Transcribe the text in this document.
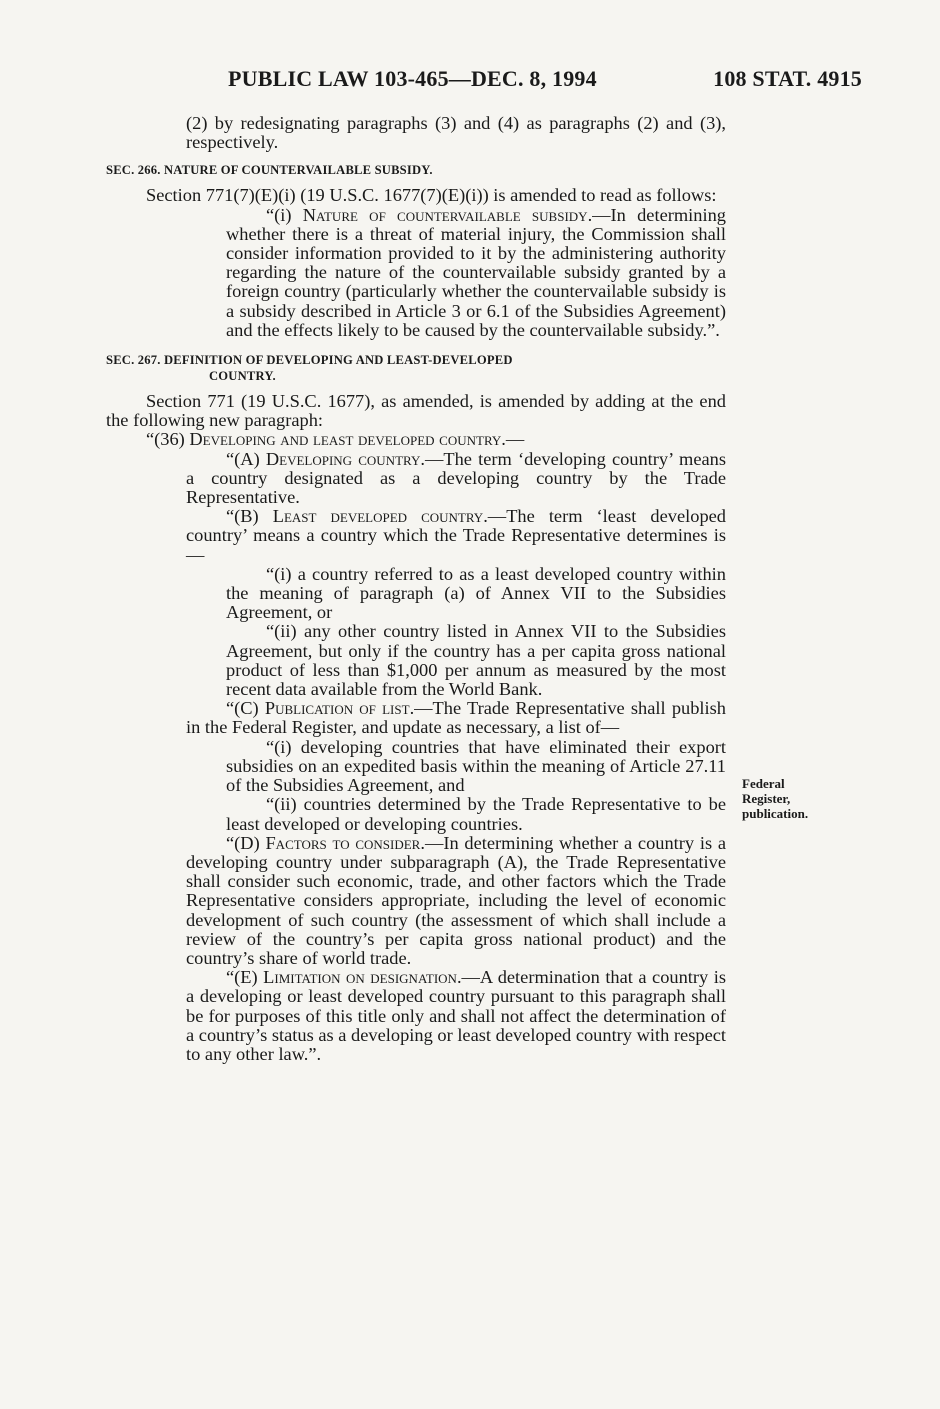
PUBLIC LAW 103-465—DEC. 8, 1994	108 STAT. 4915

(2) by redesignating paragraphs (3) and (4) as paragraphs (2) and (3), respectively.

SEC. 266. NATURE OF COUNTERVAILABLE SUBSIDY.

Section 771(7)(E)(i) (19 U.S.C. 1677(7)(E)(i)) is amended to read as follows:

“(i) Nature of countervailable subsidy.—In determining whether there is a threat of material injury, the Commission shall consider information provided to it by the administering authority regarding the nature of the countervailable subsidy granted by a foreign country (particularly whether the countervailable subsidy is a subsidy described in Article 3 or 6.1 of the Subsidies Agreement) and the effects likely to be caused by the countervailable subsidy.”.

SEC. 267. DEFINITION OF DEVELOPING AND LEAST-DEVELOPED
COUNTRY.

Section 771 (19 U.S.C. 1677), as amended, is amended by adding at the end the following new paragraph:

“(36) Developing and least developed country.—

“(A) Developing country.—The term ‘developing country’ means a country designated as a developing country by the Trade Representative.

“(B) Least developed country.—The term ‘least developed country’ means a country which the Trade Representative determines is—

“(i) a country referred to as a least developed country within the meaning of paragraph (a) of Annex VII to the Subsidies Agreement, or

“(ii) any other country listed in Annex VII to the Subsidies Agreement, but only if the country has a per capita gross national product of less than $1,000 per annum as measured by the most recent data available from the World Bank.

“(C) Publication of list.—The Trade Representative shall publish in the Federal Register, and update as necessary, a list of—

“(i) developing countries that have eliminated their export subsidies on an expedited basis within the meaning of Article 27.11 of the Subsidies Agreement, and

“(ii) countries determined by the Trade Representative to be least developed or developing countries.

“(D) Factors to consider.—In determining whether a country is a developing country under subparagraph (A), the Trade Representative shall consider such economic, trade, and other factors which the Trade Representative considers appropriate, including the level of economic development of such country (the assessment of which shall include a review of the country’s per capita gross national product) and the country’s share of world trade.

“(E) Limitation on designation.—A determination that a country is a developing or least developed country pursuant to this paragraph shall be for purposes of this title only and shall not affect the determination of a country’s status as a developing or least developed country with respect to any other law.”.

Federal
Register,
publication.
